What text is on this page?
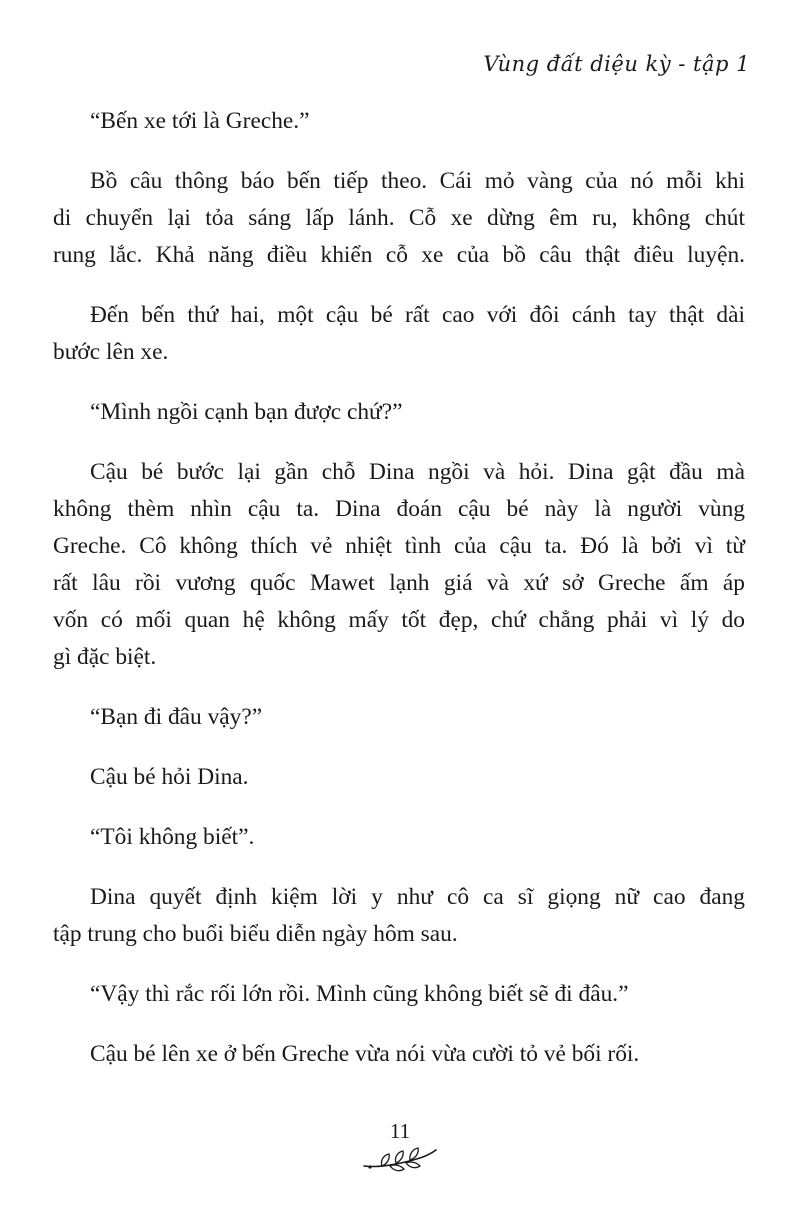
Vùng đất diệu kỳ - tập 1

“Bến xe tới là Greche.”

Bồ câu thông báo bến tiếp theo. Cái mỏ vàng của nó mỗi khi
di chuyển lại tỏa sáng lấp lánh. Cỗ xe dừng êm ru, không chút
rung lắc. Khả năng điều khiển cỗ xe của bồ câu thật điêu luyện.

Đến bến thứ hai, một cậu bé rất cao với đôi cánh tay thật dài
bước lên xe.

“Mình ngồi cạnh bạn được chứ?”

Cậu bé bước lại gần chỗ Dina ngồi và hỏi. Dina gật đầu mà
không thèm nhìn cậu ta. Dina đoán cậu bé này là người vùng
Greche. Cô không thích vẻ nhiệt tình của cậu ta. Đó là bởi vì từ
rất lâu rồi vương quốc Mawet lạnh giá và xứ sở Greche ấm áp
vốn có mối quan hệ không mấy tốt đẹp, chứ chẳng phải vì lý do
gì đặc biệt.

“Bạn đi đâu vậy?”

Cậu bé hỏi Dina.

“Tôi không biết”.

Dina quyết định kiệm lời y như cô ca sĩ giọng nữ cao đang
tập trung cho buổi biểu diễn ngày hôm sau.

“Vậy thì rắc rối lớn rồi. Mình cũng không biết sẽ đi đâu.”

Cậu bé lên xe ở bến Greche vừa nói vừa cười tỏ vẻ bối rối.

11
